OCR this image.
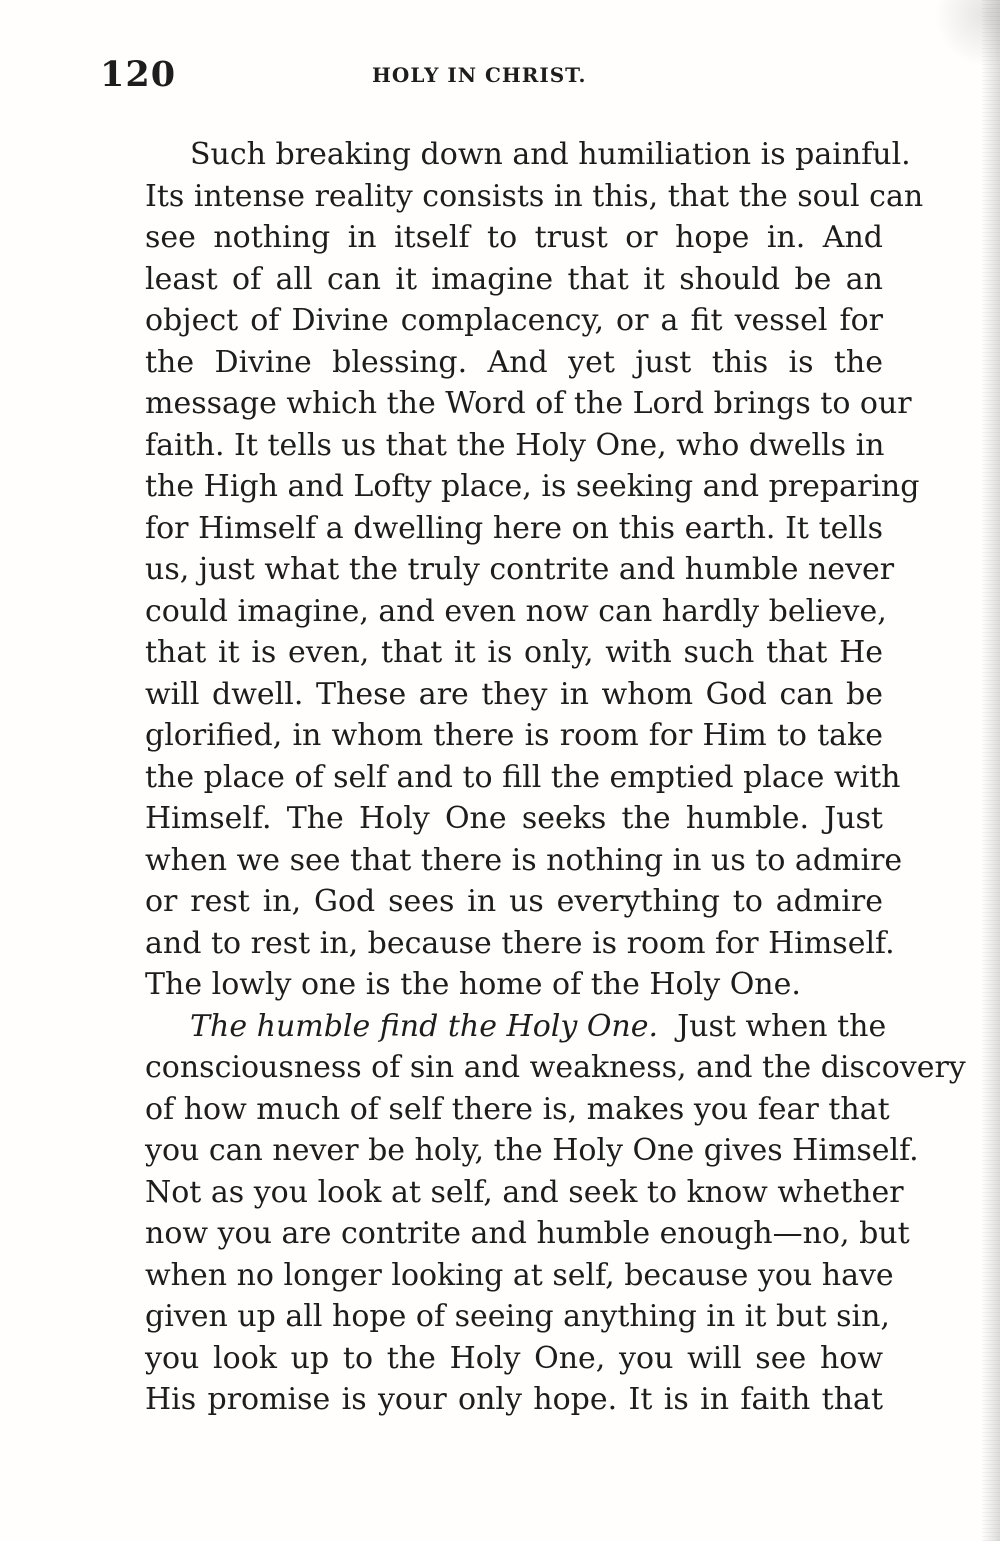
120	HOLY IN CHRIST.
Such breaking down and humiliation is painful.
Its intense reality consists in this, that the soul can
see nothing in itself to trust or hope in. And
least of all can it imagine that it should be an
object of Divine complacency, or a fit vessel for
the Divine blessing. And yet just this is the
message which the Word of the Lord brings to our
faith. It tells us that the Holy One, who dwells in
the High and Lofty place, is seeking and preparing
for Himself a dwelling here on this earth. It tells
us, just what the truly contrite and humble never
could imagine, and even now can hardly believe,
that it is even, that it is only, with such that He
will dwell. These are they in whom God can be
glorified, in whom there is room for Him to take
the place of self and to fill the emptied place with
Himself. The Holy One seeks the humble. Just
when we see that there is nothing in us to admire
or rest in, God sees in us everything to admire
and to rest in, because there is room for Himself.
The lowly one is the home of the Holy One.
The humble find the Holy One. Just when the
consciousness of sin and weakness, and the discovery
of how much of self there is, makes you fear that
you can never be holy, the Holy One gives Himself.
Not as you look at self, and seek to know whether
now you are contrite and humble enough—no, but
when no longer looking at self, because you have
given up all hope of seeing anything in it but sin,
you look up to the Holy One, you will see how
His promise is your only hope. It is in faith that
